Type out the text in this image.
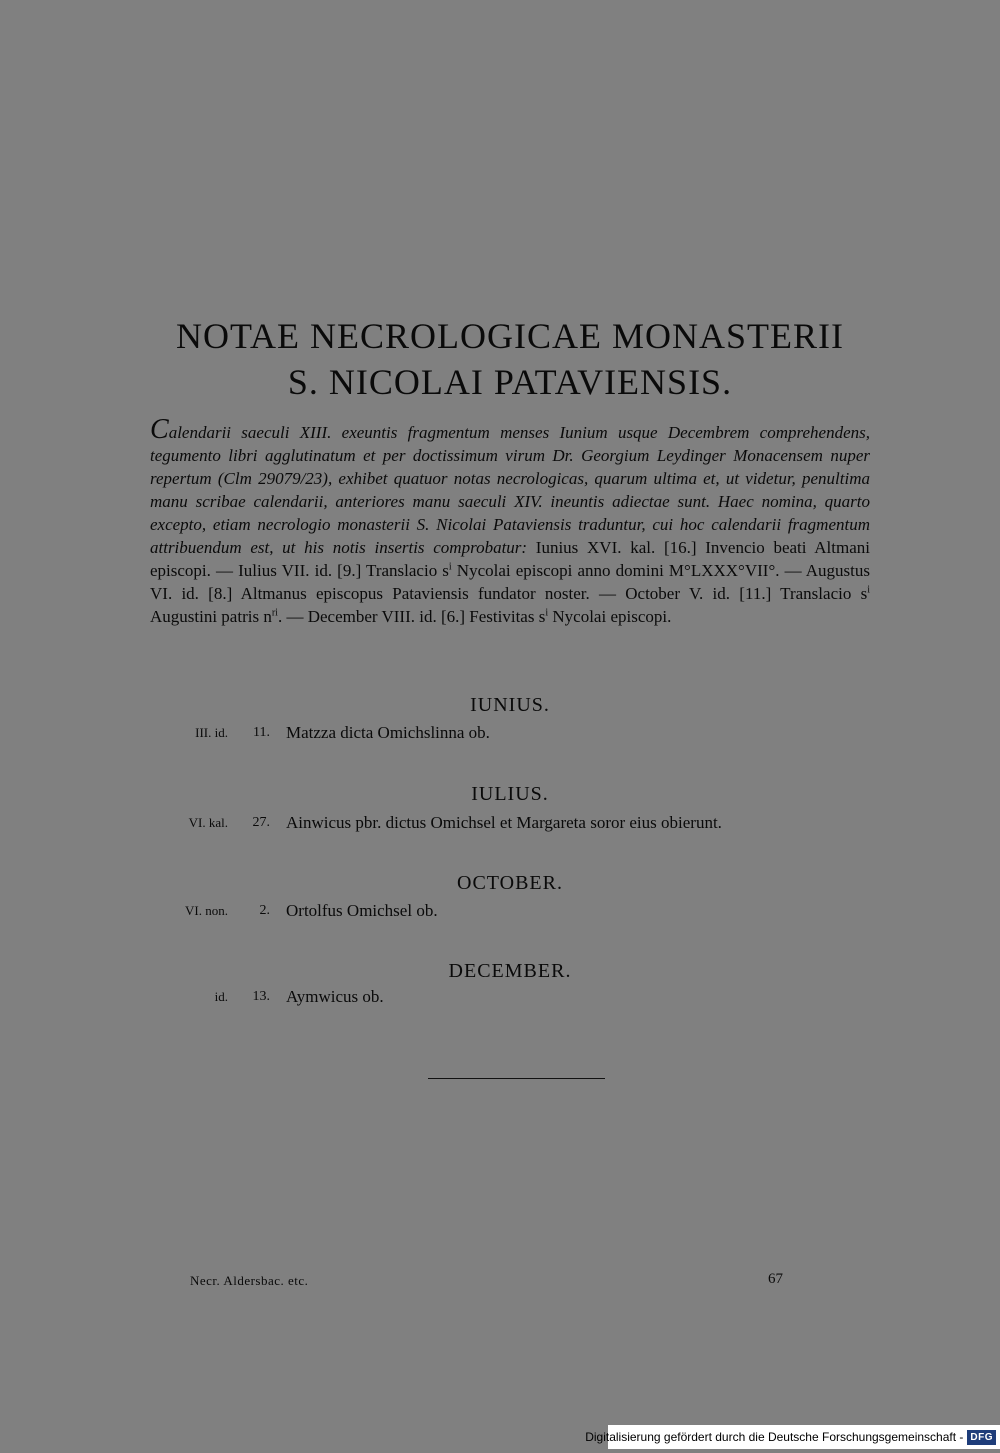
NOTAE NECROLOGICAE MONASTERII
S. NICOLAI PATAVIENSIS.
Calendarii saeculi XIII. exeuntis fragmentum menses Iunium usque Decembrem comprehendens, tegumento libri agglutinatum et per doctissimum virum Dr. Georgium Leydinger Monacensem nuper repertum (Clm 29079/23), exhibet quatuor notas necrologicas, quarum ultima et, ut videtur, penultima manu scribae calendarii, anteriores manu saeculi XIV. ineuntis adiectae sunt. Haec nomina, quarto excepto, etiam necrologio monasterii S. Nicolai Pataviensis traduntur, cui hoc calendarii fragmentum attribuendum est, ut his notis insertis comprobatur: Iunius XVI. kal. [16.] Invencio beati Altmani episcopi. — Iulius VII. id. [9.] Translacio $s^i$ Nycolai episcopi anno domini M°LXXX°VII°. — Augustus VI. id. [8.] Altmanus episcopus Pataviensis fundator noster. — October V. id. [11.] Translacio $s^i$ Augustini patris $n^{ri}$. — December VIII. id. [6.] Festivitas $s^i$ Nycolai episcopi.
IUNIUS.
III. id.	11. Matzza dicta Omichslinna ob.
IULIUS.
VI. kal.	27. Ainwicus pbr. dictus Omichsel et Margareta soror eius obierunt.
OCTOBER.
VI. non.	2. Ortolfus Omichsel ob.
DECEMBER.
id.	13. Aymwicus ob.
Necr. Aldersbac. etc.	67
Digitalisierung gefördert durch die Deutsche Forschungsgemeinschaft - DFG
